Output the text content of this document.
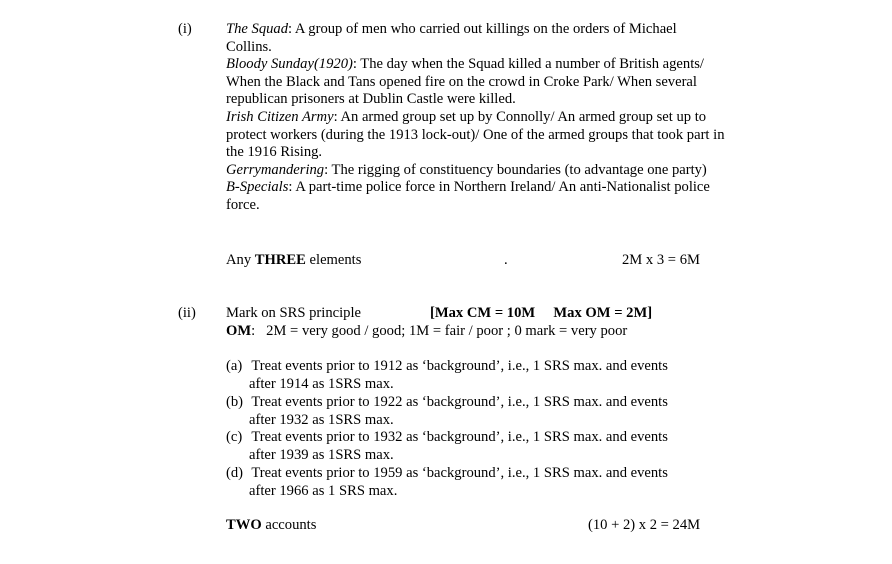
(i) The Squad: A group of men who carried out killings on the orders of Michael Collins.

Bloody Sunday(1920): The day when the Squad killed a number of British agents/ When the Black and Tans opened fire on the crowd in Croke Park/ When several republican prisoners at Dublin Castle were killed.

Irish Citizen Army: An armed group set up by Connolly/ An armed group set up to protect workers (during the 1913 lock-out)/ One of the armed groups that took part in the 1916 Rising.

Gerrymandering: The rigging of constituency boundaries (to advantage one party)

B-Specials: A part-time police force in Northern Ireland/ An anti-Nationalist police force.

Any THREE elements	.	2M x 3 = 6M
(ii) Mark on SRS principle	[Max CM = 10M     Max OM = 2M]
OM:   2M = very good / good; 1M = fair / poor ; 0 mark = very poor
(a) Treat events prior to 1912 as ‘background’, i.e., 1 SRS max. and events
after 1914 as 1SRS max.
(b) Treat events prior to 1922 as ‘background’, i.e., 1 SRS max. and events
after 1932 as 1SRS max.
(c) Treat events prior to 1932 as ‘background’, i.e., 1 SRS max. and events
after 1939 as 1SRS max.
(d) Treat events prior to 1959 as ‘background’, i.e., 1 SRS max. and events
after 1966 as 1 SRS max.
TWO accounts	(10 + 2) x 2 = 24M
